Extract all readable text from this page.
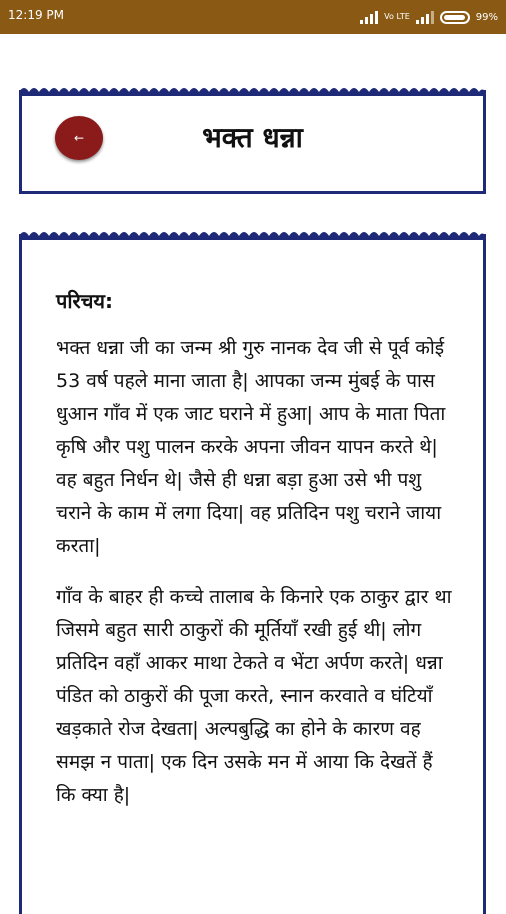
12:19 PM	Vo LTE	99%
←	भक्त धन्ना
परिचय:

भक्त धन्ना जी का जन्म श्री गुरु नानक देव जी से पूर्व कोई 53 वर्ष पहले माना जाता है| आपका जन्म मुंबई के पास धुआन गाँव में एक जाट घराने में हुआ| आप के माता पिता कृषि और पशु पालन करके अपना जीवन यापन करते थे| वह बहुत निर्धन थे| जैसे ही धन्ना बड़ा हुआ उसे भी पशु चराने के काम में लगा दिया| वह प्रतिदिन पशु चराने जाया करता|

गाँव के बाहर ही कच्चे तालाब के किनारे एक ठाकुर द्वार था जिसमे बहुत सारी ठाकुरों की मूर्तियाँ रखी हुई थी| लोग प्रतिदिन वहाँ आकर माथा टेकते व भेंटा अर्पण करते| धन्ना पंडित को ठाकुरों की पूजा करते, स्नान करवाते व घंटियाँ खड़काते रोज देखता| अल्पबुद्धि का होने के कारण वह समझ न पाता| एक दिन उसके मन में आया कि देखतें हैं कि क्या है|
